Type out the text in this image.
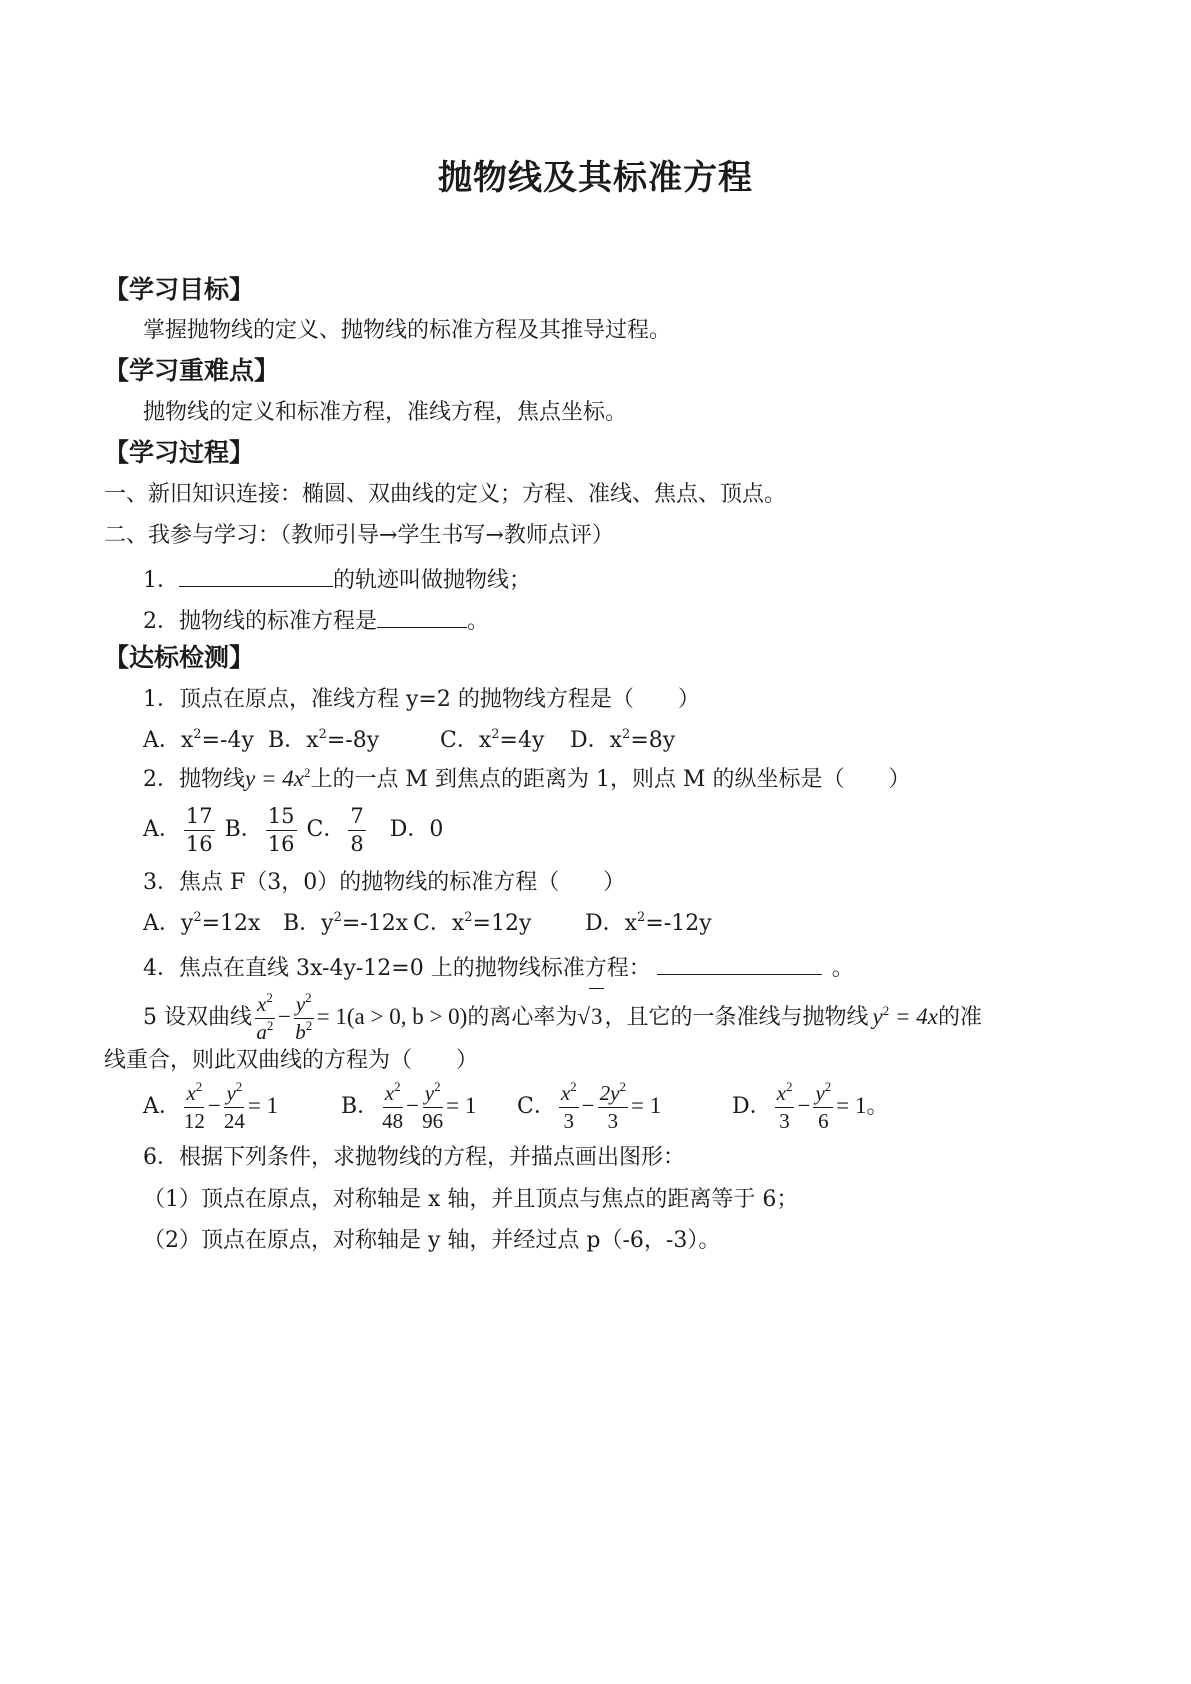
抛物线及其标准方程
【学习目标】
掌握抛物线的定义、抛物线的标准方程及其推导过程。
【学习重难点】
抛物线的定义和标准方程，准线方程，焦点坐标。
【学习过程】
一、新旧知识连接：椭圆、双曲线的定义；方程、准线、焦点、顶点。
二、我参与学习：（教师引导→学生书写→教师点评）
1．	的轨迹叫做抛物线；
2．抛物线的标准方程是	。
【达标检测】
1．顶点在原点，准线方程 y=2 的抛物线方程是（　　）
A．$x^2=-4y$ B．$x^2=-8y$	C．$x^2=4y$ D．$x^2=8y$
2．抛物线$y = 4x^2$上的一点 M 到焦点的距离为 1，则点 M 的纵坐标是（　　）
A． $\frac{17}{16}$ B． $\frac{15}{16}$ C． $\frac{7}{8}$ D．0
3．焦点 F（3，0）的抛物线的标准方程（　　）
A．$y^2=12x$ B．$y^2=-12x$ C．$x^2=12y$ D．$x^2=-12y$
4．焦点在直线 3x-4y-12=0 上的抛物线标准方程：	。
5 设双曲线 $\frac{x^2}{a^2} - \frac{y^2}{b^2} = 1(a > 0$, b > 0)的离心率为√3，且它的一条准线与抛物线 $y^2 = 4x$的准
线重合，则此双曲线的方程为（　　）
A． $\frac{x^2}{12} - \frac{y^2}{24} = 1$	B． $\frac{x^2}{48} - \frac{y^2}{96} = 1$ C． $\frac{x^2}{3} - \frac{2y^2}{3} = 1$	D． $\frac{x^2}{3} - \frac{y^2}{6} = 1$。
6．根据下列条件，求抛物线的方程，并描点画出图形：
（1）顶点在原点，对称轴是 x 轴，并且顶点与焦点的距离等于 6；
（2）顶点在原点，对称轴是 y 轴，并经过点 p（-6，-3）。
